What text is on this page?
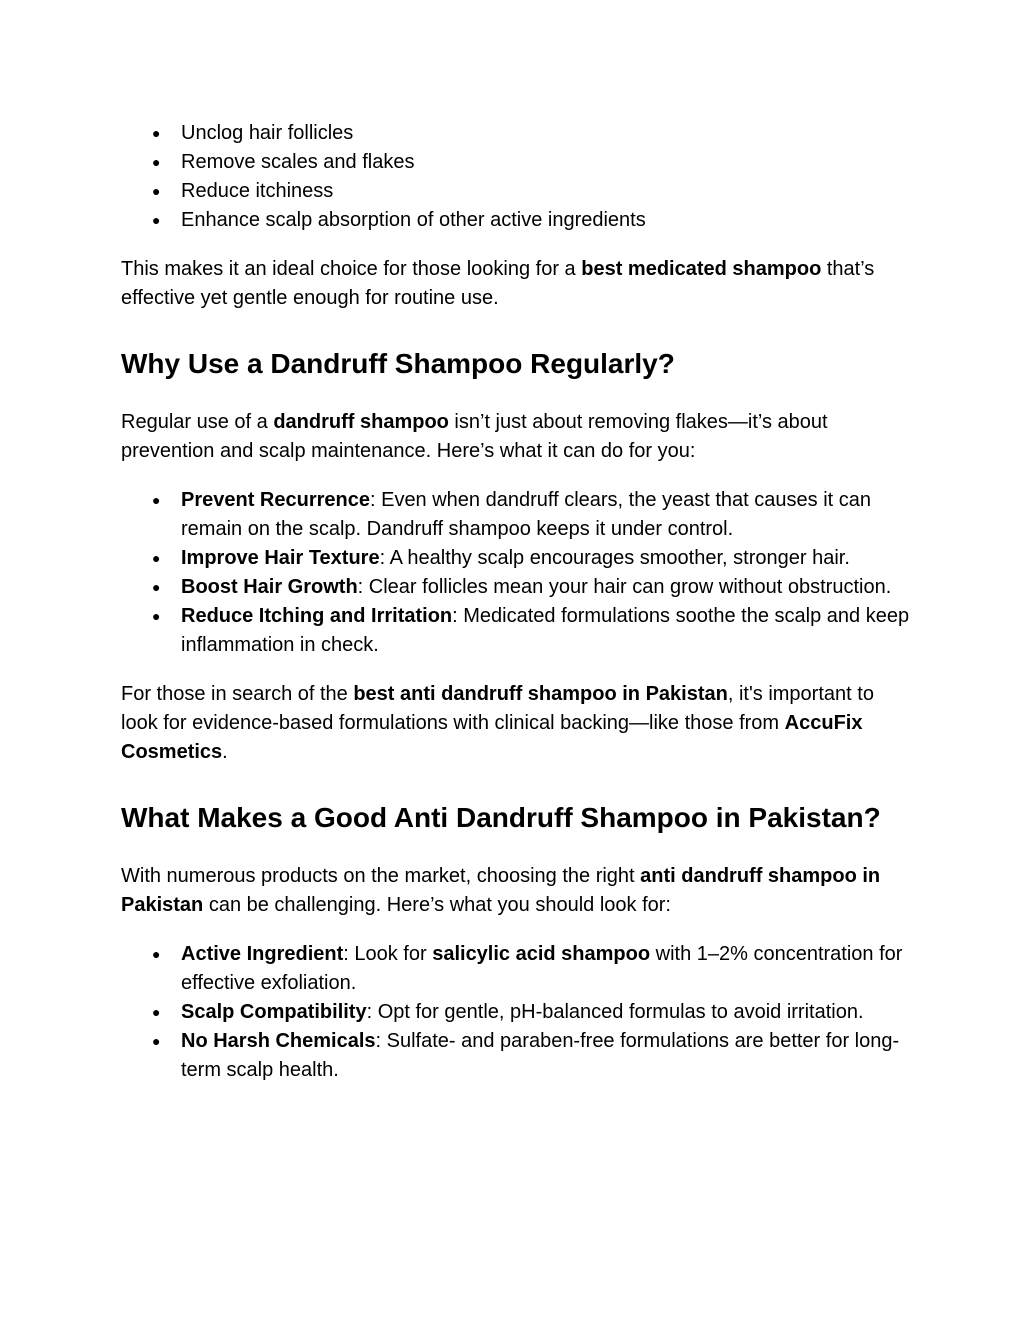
● Unclog hair follicles
● Remove scales and flakes
● Reduce itchiness
● Enhance scalp absorption of other active ingredients

This makes it an ideal choice for those looking for a best medicated shampoo that’s effective yet gentle enough for routine use.

Why Use a Dandruff Shampoo Regularly?

Regular use of a dandruff shampoo isn’t just about removing flakes—it’s about prevention and scalp maintenance. Here’s what it can do for you:

● Prevent Recurrence: Even when dandruff clears, the yeast that causes it can remain on the scalp. Dandruff shampoo keeps it under control.
● Improve Hair Texture: A healthy scalp encourages smoother, stronger hair.
● Boost Hair Growth: Clear follicles mean your hair can grow without obstruction.
● Reduce Itching and Irritation: Medicated formulations soothe the scalp and keep inflammation in check.

For those in search of the best anti dandruff shampoo in Pakistan, it's important to look for evidence-based formulations with clinical backing—like those from AccuFix Cosmetics.

What Makes a Good Anti Dandruff Shampoo in Pakistan?

With numerous products on the market, choosing the right anti dandruff shampoo in Pakistan can be challenging. Here’s what you should look for:

● Active Ingredient: Look for salicylic acid shampoo with 1–2% concentration for effective exfoliation.
● Scalp Compatibility: Opt for gentle, pH-balanced formulas to avoid irritation.
● No Harsh Chemicals: Sulfate- and paraben-free formulations are better for long-term scalp health.
